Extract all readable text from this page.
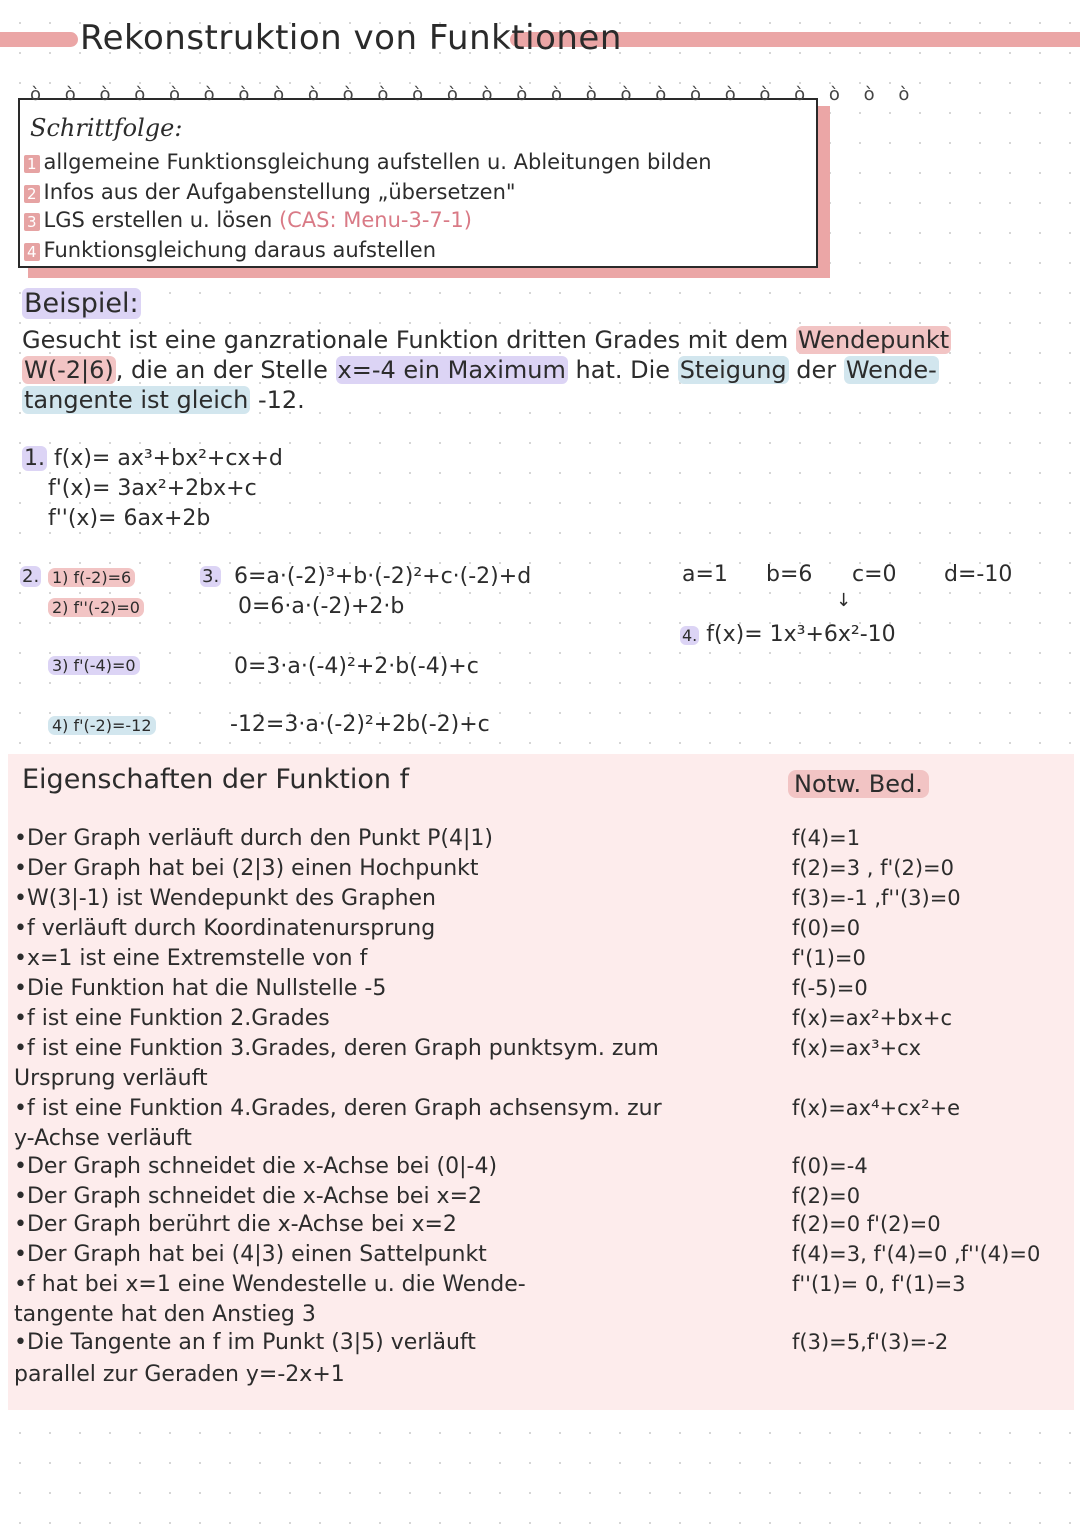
Rekonstruktion von Funktionen
ò ò ò ò ò ò ò ò ò ò ò ò ò ò ò ò ò ò ò ò ò ò ò ò ò ò
Schrittfolge:
1 allgemeine Funktionsgleichung aufstellen u. Ableitungen bilden
2 Infos aus der Aufgabenstellung „übersetzen"
3 LGS erstellen u. lösen (CAS: Menu-3-7-1)
4 Funktionsgleichung daraus aufstellen
Beispiel:
Gesucht ist eine ganzrationale Funktion dritten Grades mit dem Wendepunkt
W(-2|6), die an der Stelle x=-4 ein Maximum hat. Die Steigung der Wende-
tangente ist gleich -12.
1. f(x)= ax³+bx²+cx+d
f'(x)= 3ax²+2bx+c
f''(x)= 6ax+2b
2. 1) f(-2)=6
2) f''(-2)=0
3) f'(-4)=0
4) f'(-2)=-12
3. 6=a·(-2)³+b·(-2)²+c·(-2)+d
0=6·a·(-2)+2·b
0=3·a·(-4)²+2·b(-4)+c
-12=3·a·(-2)²+2b(-2)+c
a=1 b=6 c=0 d=-10
↓
4. f(x)= 1x³+6x²-10
Eigenschaften der Funktion f	Notw. Bed.
•Der Graph verläuft durch den Punkt P(4|1)	f(4)=1
•Der Graph hat bei (2|3) einen Hochpunkt	f(2)=3 , f'(2)=0
•W(3|-1) ist Wendepunkt des Graphen	f(3)=-1 ,f''(3)=0
•f verläuft durch Koordinatenursprung	f(0)=0
•x=1 ist eine Extremstelle von f	f'(1)=0
•Die Funktion hat die Nullstelle -5	f(-5)=0
•f ist eine Funktion 2.Grades	f(x)=ax²+bx+c
•f ist eine Funktion 3.Grades, deren Graph punktsym. zum	f(x)=ax³+cx
Ursprung verläuft
•f ist eine Funktion 4.Grades, deren Graph achsensym. zur	f(x)=ax⁴+cx²+e
y-Achse verläuft
•Der Graph schneidet die x-Achse bei (0|-4)	f(0)=-4
•Der Graph schneidet die x-Achse bei x=2	f(2)=0
•Der Graph berührt die x-Achse bei x=2	f(2)=0 f'(2)=0
•Der Graph hat bei (4|3) einen Sattelpunkt	f(4)=3, f'(4)=0 ,f''(4)=0
•f hat bei x=1 eine Wendestelle u. die Wende-	f''(1)= 0, f'(1)=3
tangente hat den Anstieg 3
•Die Tangente an f im Punkt (3|5) verläuft	f(3)=5,f'(3)=-2
parallel zur Geraden y=-2x+1
